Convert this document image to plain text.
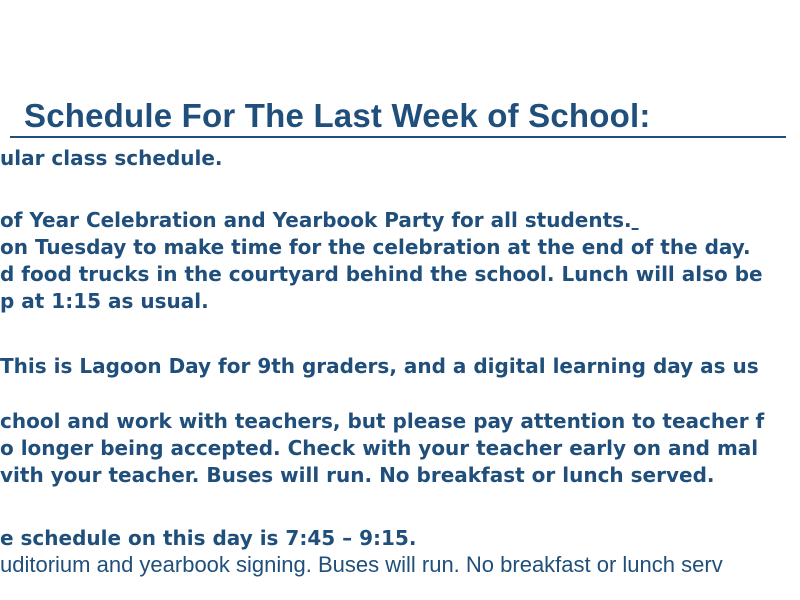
Schedule For The Last Week of School:

ular class schedule.

of Year Celebration and Yearbook Party for all students.

on Tuesday to make time for the celebration at the end of the day.

d food trucks in the courtyard behind the school. Lunch will also be

p at 1:15 as usual.

This is Lagoon Day for 9th graders, and a digital learning day as us

chool and work with teachers, but please pay attention to teacher f

o longer being accepted. Check with your teacher early on and mal

vith your teacher. Buses will run. No breakfast or lunch served.

e schedule on this day is 7:45 – 9:15.

uditorium and yearbook signing. Buses will run. No breakfast or lunch serv
